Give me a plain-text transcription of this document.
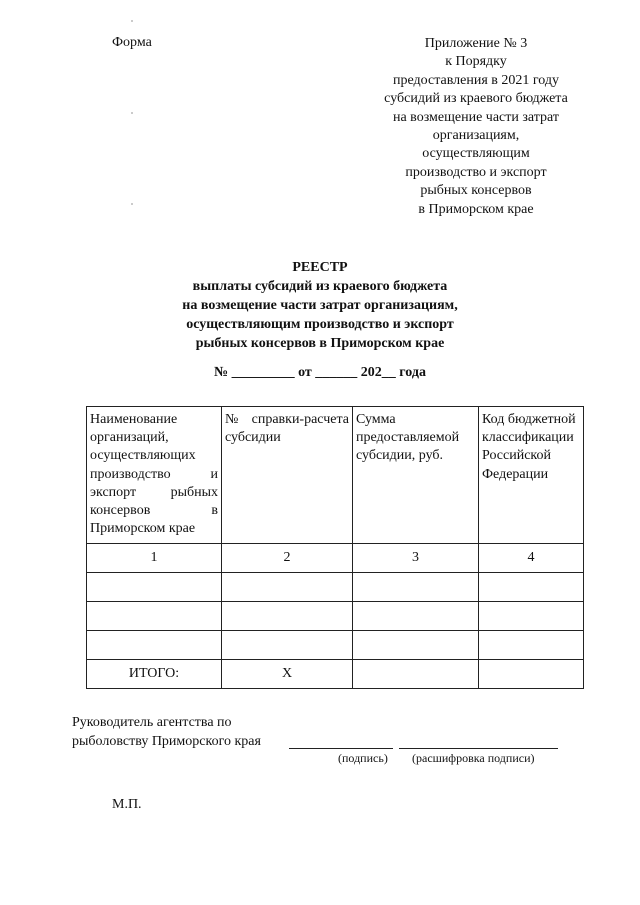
Форма	Приложение № 3
к Порядку
предоставления в 2021 году
субсидий из краевого бюджета
на возмещение части затрат
организациям,
осуществляющим
производство и экспорт
рыбных консервов
в Приморском крае
РЕЕСТР
выплаты субсидий из краевого бюджета
на возмещение части затрат организациям,
осуществляющим производство и экспорт
рыбных консервов в Приморском крае
№ _________ от ______ 202__ года
Наименование организаций, осуществляющих производство и экспорт рыбных консервов в Приморском крае	№ справки-расчета субсидии	Сумма предоставляемой субсидии, руб.	Код бюджетной классификации Российской Федерации
1	2	3	4

ИТОГО:	Х		
Руководитель агентства по
рыболовству Приморского края
(подпись) (расшифровка подписи)
М.П.
